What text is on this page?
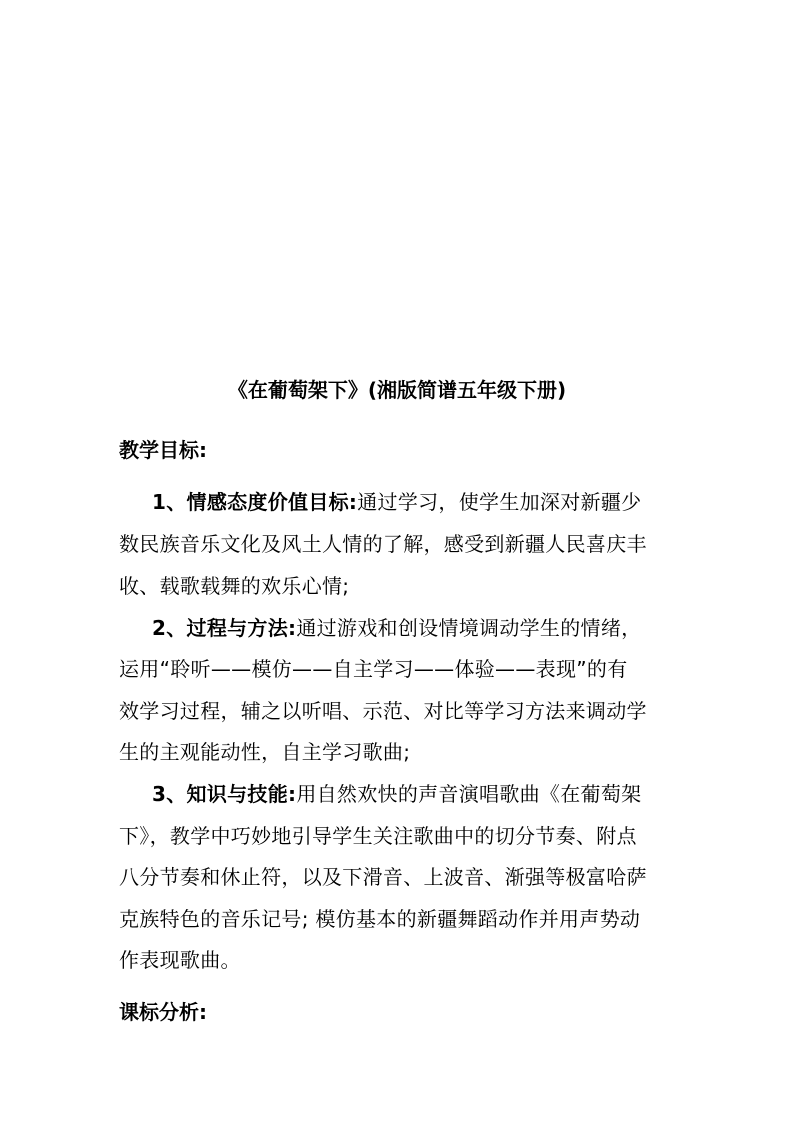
《在葡萄架下》(湘版简谱五年级下册)
教学目标:
1、情感态度价值目标:通过学习，使学生加深对新疆少
数民族音乐文化及风土人情的了解，感受到新疆人民喜庆丰
收、载歌载舞的欢乐心情;
2、过程与方法:通过游戏和创设情境调动学生的情绪，
运用“聆听——模仿——自主学习——体验——表现”的有
效学习过程，辅之以听唱、示范、对比等学习方法来调动学
生的主观能动性，自主学习歌曲;
3、知识与技能:用自然欢快的声音演唱歌曲《在葡萄架
下》，教学中巧妙地引导学生关注歌曲中的切分节奏、附点
八分节奏和休止符，以及下滑音、上波音、渐强等极富哈萨
克族特色的音乐记号; 模仿基本的新疆舞蹈动作并用声势动
作表现歌曲。
课标分析:
